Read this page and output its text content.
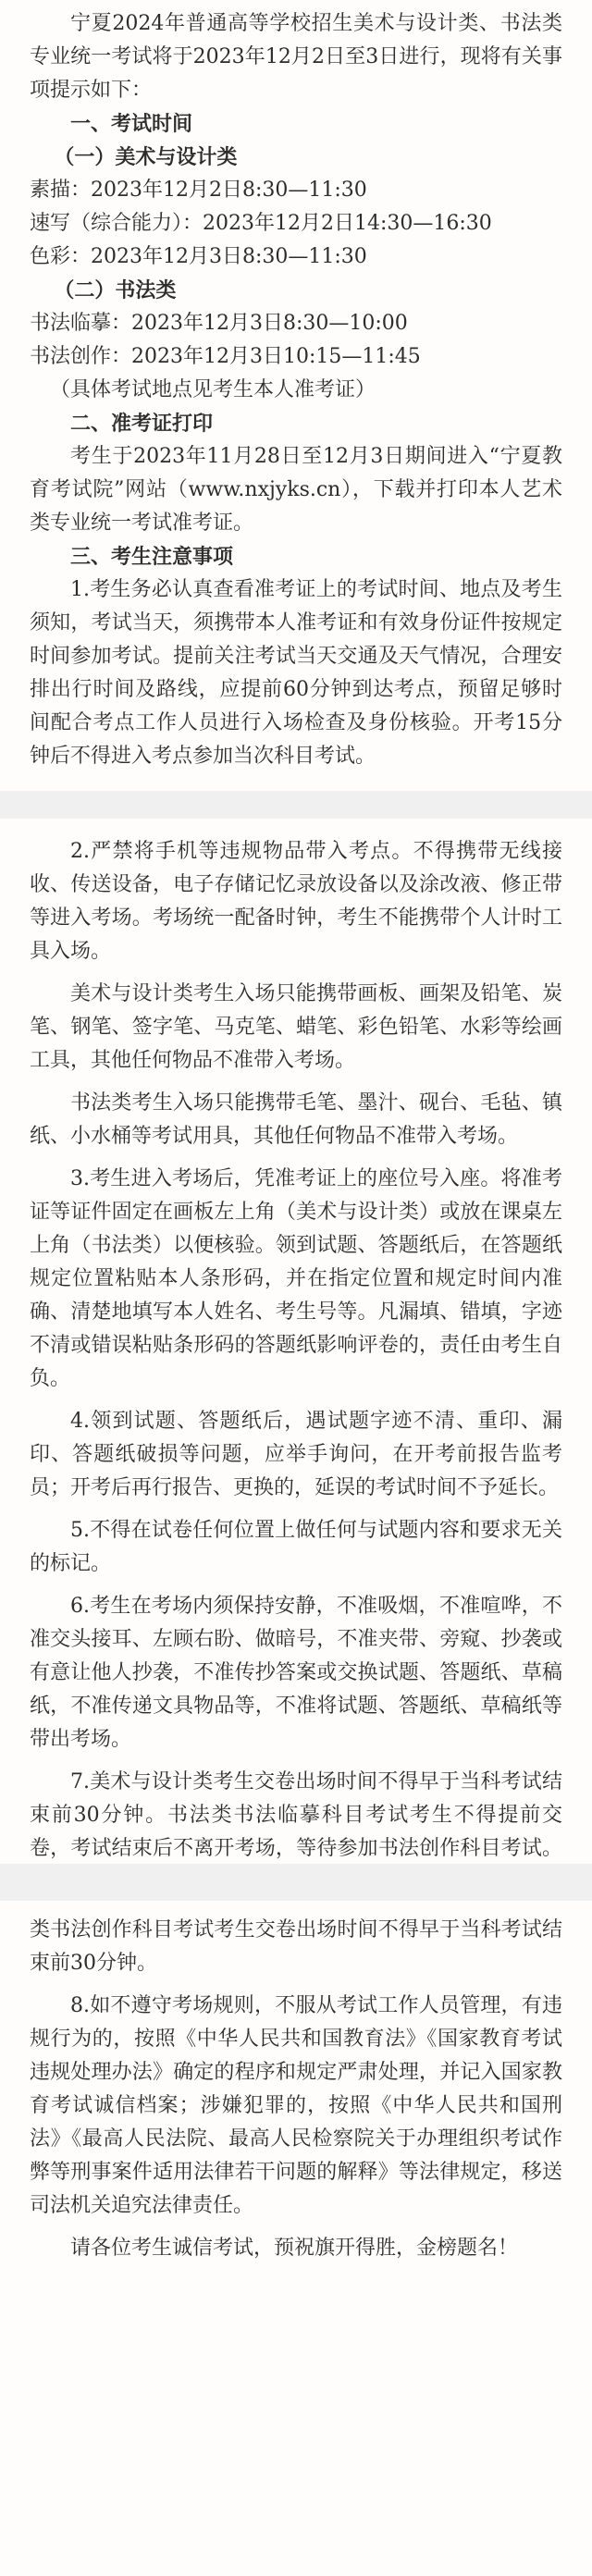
宁夏2024年普通高等学校招生美术与设计类、书法类专业统一考试将于2023年12月2日至3日进行，现将有关事项提示如下：

一、考试时间
（一）美术与设计类
素描：2023年12月2日8:30—11:30
速写（综合能力）：2023年12月2日14:30—16:30
色彩：2023年12月3日8:30—11:30
（二）书法类
书法临摹：2023年12月3日8:30—10:00
书法创作：2023年12月3日10:15—11:45
（具体考试地点见考生本人准考证）
二、准考证打印

考生于2023年11月28日至12月3日期间进入“宁夏教育考试院”网站（www.nxjyks.cn），下载并打印本人艺术类专业统一考试准考证。

三、考生注意事项

1.考生务必认真查看准考证上的考试时间、地点及考生须知，考试当天，须携带本人准考证和有效身份证件按规定时间参加考试。提前关注考试当天交通及天气情况，合理安排出行时间及路线，应提前60分钟到达考点，预留足够时间配合考点工作人员进行入场检查及身份核验。开考15分钟后不得进入考点参加当次科目考试。

2.严禁将手机等违规物品带入考点。不得携带无线接收、传送设备，电子存储记忆录放设备以及涂改液、修正带等进入考场。考场统一配备时钟，考生不能携带个人计时工具入场。

美术与设计类考生入场只能携带画板、画架及铅笔、炭笔、钢笔、签字笔、马克笔、蜡笔、彩色铅笔、水彩等绘画工具，其他任何物品不准带入考场。

书法类考生入场只能携带毛笔、墨汁、砚台、毛毡、镇纸、小水桶等考试用具，其他任何物品不准带入考场。

3.考生进入考场后，凭准考证上的座位号入座。将准考证等证件固定在画板左上角（美术与设计类）或放在课桌左上角（书法类）以便核验。领到试题、答题纸后，在答题纸规定位置粘贴本人条形码，并在指定位置和规定时间内准确、清楚地填写本人姓名、考生号等。凡漏填、错填，字迹不清或错误粘贴条形码的答题纸影响评卷的，责任由考生自负。

4.领到试题、答题纸后，遇试题字迹不清、重印、漏印、答题纸破损等问题，应举手询问，在开考前报告监考员；开考后再行报告、更换的，延误的考试时间不予延长。

5.不得在试卷任何位置上做任何与试题内容和要求无关的标记。

6.考生在考场内须保持安静，不准吸烟，不准喧哗，不准交头接耳、左顾右盼、做暗号，不准夹带、旁窥、抄袭或有意让他人抄袭，不准传抄答案或交换试题、答题纸、草稿纸，不准传递文具物品等，不准将试题、答题纸、草稿纸等带出考场。

7.美术与设计类考生交卷出场时间不得早于当科考试结束前30分钟。书法类书法临摹科目考试考生不得提前交卷，考试结束后不离开考场，等待参加书法创作科目考试。

类书法创作科目考试考生交卷出场时间不得早于当科考试结束前30分钟。

8.如不遵守考场规则，不服从考试工作人员管理，有违规行为的，按照《中华人民共和国教育法》《国家教育考试违规处理办法》确定的程序和规定严肃处理，并记入国家教育考试诚信档案；涉嫌犯罪的，按照《中华人民共和国刑法》《最高人民法院、最高人民检察院关于办理组织考试作弊等刑事案件适用法律若干问题的解释》等法律规定，移送司法机关追究法律责任。

请各位考生诚信考试，预祝旗开得胜，金榜题名！
